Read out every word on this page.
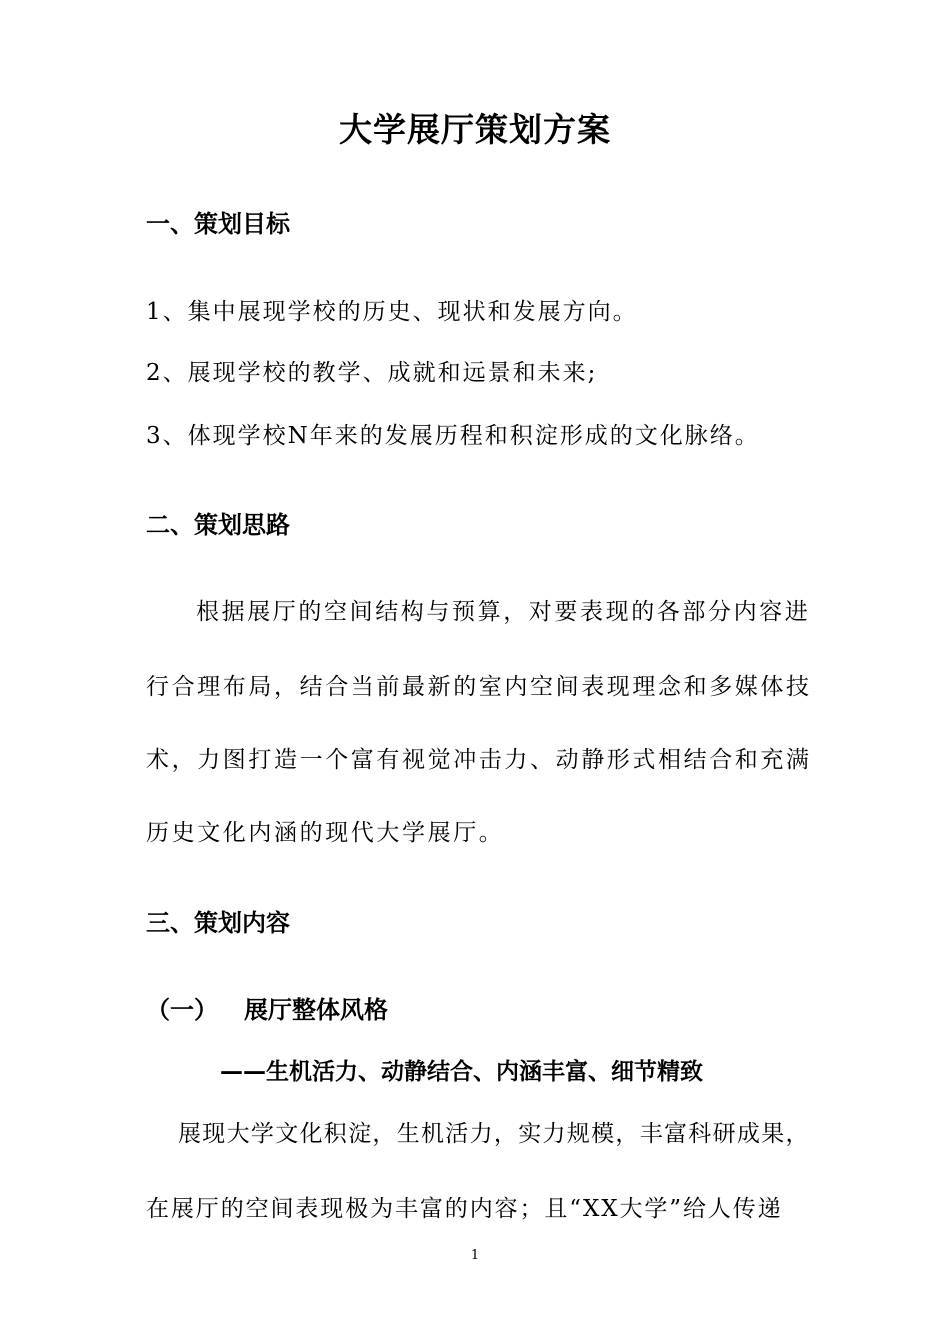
大学展厅策划方案
一、策划目标
1、集中展现学校的历史、现状和发展方向。
2、展现学校的教学、成就和远景和未来;
3、体现学校N年来的发展历程和积淀形成的文化脉络。
二、策划思路
根据展厅的空间结构与预算，对要表现的各部分内容进
行合理布局，结合当前最新的室内空间表现理念和多媒体技
术，力图打造一个富有视觉冲击力、动静形式相结合和充满
历史文化内涵的现代大学展厅。
三、策划内容
（一） 展厅整体风格
——生机活力、动静结合、内涵丰富、细节精致
展现大学文化积淀，生机活力，实力规模，丰富科研成果，
在展厅的空间表现极为丰富的内容；且“XX大学”给人传递
1
